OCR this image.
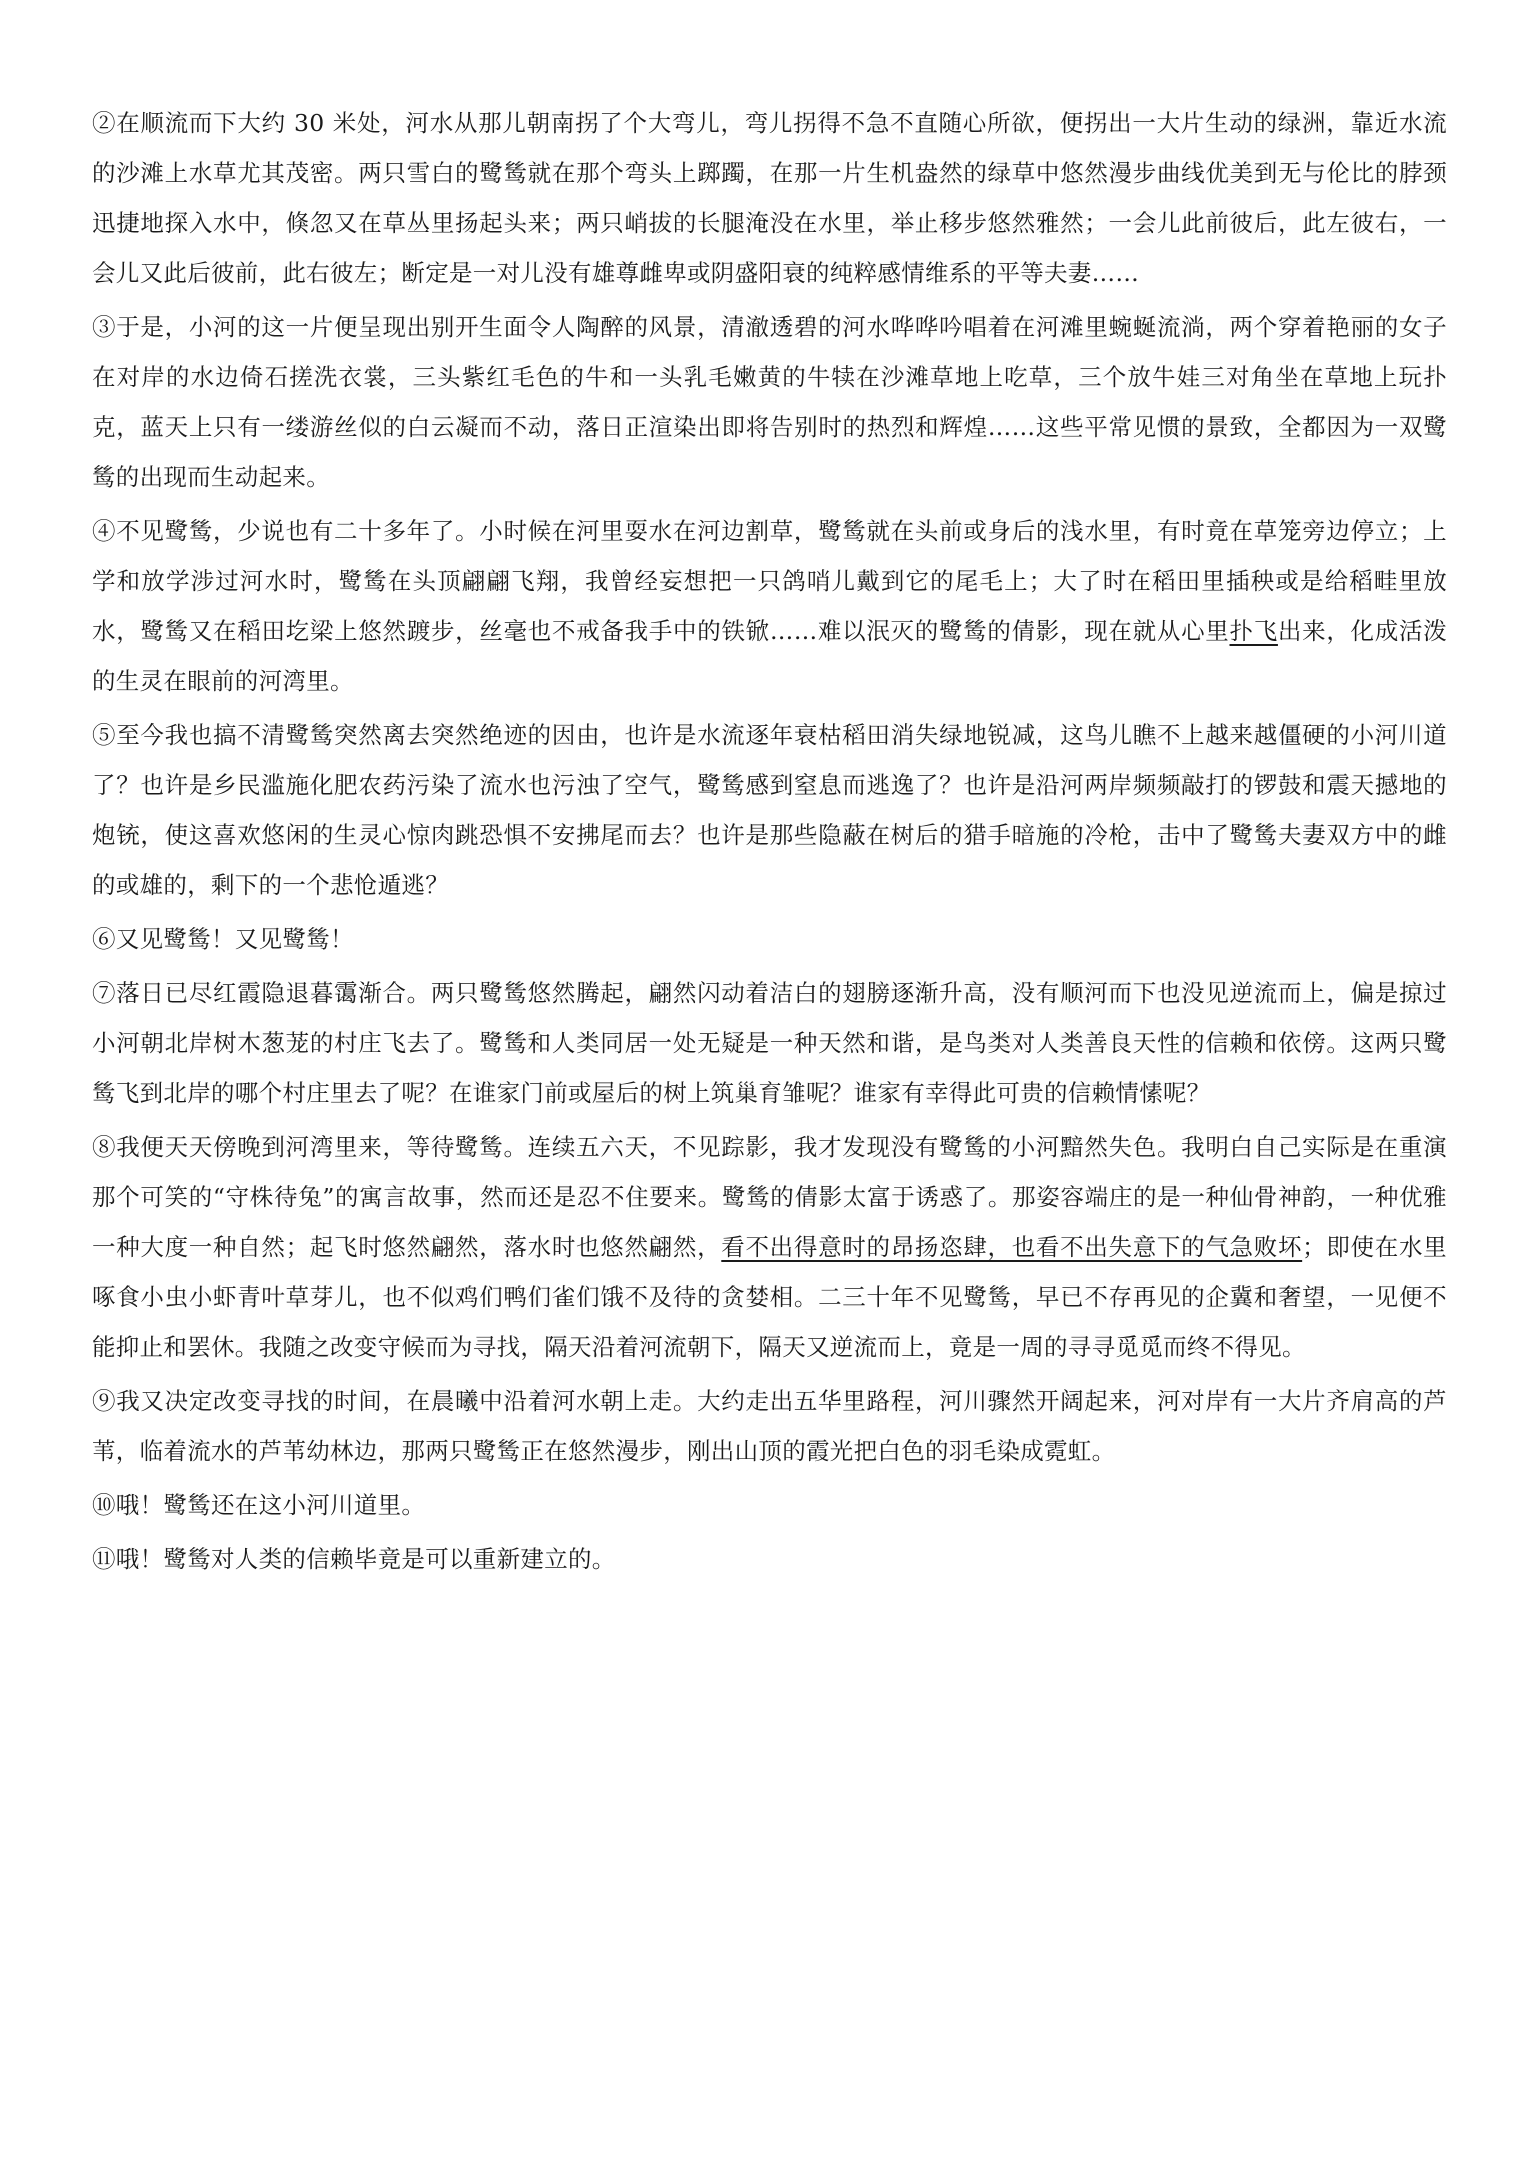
②在顺流而下大约 30 米处，河水从那儿朝南拐了个大弯儿，弯儿拐得不急不直随心所欲，便拐出一大片生动的绿洲，靠近水流的沙滩上水草尤其茂密。两只雪白的鹭鸶就在那个弯头上踯躅，在那一片生机盎然的绿草中悠然漫步曲线优美到无与伦比的脖颈迅捷地探入水中，倏忽又在草丛里扬起头来；两只峭拔的长腿淹没在水里，举止移步悠然雅然；一会儿此前彼后，此左彼右，一会儿又此后彼前，此右彼左；断定是一对儿没有雄尊雌卑或阴盛阳衰的纯粹感情维系的平等夫妻……

③于是，小河的这一片便呈现出别开生面令人陶醉的风景，清澈透碧的河水哗哗吟唱着在河滩里蜿蜒流淌，两个穿着艳丽的女子在对岸的水边倚石搓洗衣裳，三头紫红毛色的牛和一头乳毛嫩黄的牛犊在沙滩草地上吃草，三个放牛娃三对角坐在草地上玩扑克，蓝天上只有一缕游丝似的白云凝而不动，落日正渲染出即将告别时的热烈和辉煌……这些平常见惯的景致，全都因为一双鹭鸶的出现而生动起来。

④不见鹭鸶，少说也有二十多年了。小时候在河里耍水在河边割草，鹭鸶就在头前或身后的浅水里，有时竟在草笼旁边停立；上学和放学涉过河水时，鹭鸶在头顶翩翩飞翔，我曾经妄想把一只鸽哨儿戴到它的尾毛上；大了时在稻田里插秧或是给稻畦里放水，鹭鸶又在稻田圪梁上悠然踱步，丝毫也不戒备我手中的铁锨……难以泯灭的鹭鸶的倩影，现在就从心里扑飞出来，化成活泼的生灵在眼前的河湾里。

⑤至今我也搞不清鹭鸶突然离去突然绝迹的因由，也许是水流逐年衰枯稻田消失绿地锐减，这鸟儿瞧不上越来越僵硬的小河川道了？也许是乡民滥施化肥农药污染了流水也污浊了空气，鹭鸶感到窒息而逃逸了？也许是沿河两岸频频敲打的锣鼓和震天撼地的炮铳，使这喜欢悠闲的生灵心惊肉跳恐惧不安拂尾而去？也许是那些隐蔽在树后的猎手暗施的冷枪，击中了鹭鸶夫妻双方中的雌的或雄的，剩下的一个悲怆遁逃？

⑥又见鹭鸶！又见鹭鸶！

⑦落日已尽红霞隐退暮霭渐合。两只鹭鸶悠然腾起，翩然闪动着洁白的翅膀逐渐升高，没有顺河而下也没见逆流而上，偏是掠过小河朝北岸树木葱茏的村庄飞去了。鹭鸶和人类同居一处无疑是一种天然和谐，是鸟类对人类善良天性的信赖和依傍。这两只鹭鸶飞到北岸的哪个村庄里去了呢？在谁家门前或屋后的树上筑巢育雏呢？谁家有幸得此可贵的信赖情愫呢？

⑧我便天天傍晚到河湾里来，等待鹭鸶。连续五六天，不见踪影，我才发现没有鹭鸶的小河黯然失色。我明白自己实际是在重演那个可笑的“守株待兔”的寓言故事，然而还是忍不住要来。鹭鸶的倩影太富于诱惑了。那姿容端庄的是一种仙骨神韵，一种优雅一种大度一种自然；起飞时悠然翩然，落水时也悠然翩然，看不出得意时的昂扬恣肆，也看不出失意下的气急败坏；即使在水里啄食小虫小虾青叶草芽儿，也不似鸡们鸭们雀们饿不及待的贪婪相。二三十年不见鹭鸶，早已不存再见的企冀和奢望，一见便不能抑止和罢休。我随之改变守候而为寻找，隔天沿着河流朝下，隔天又逆流而上，竟是一周的寻寻觅觅而终不得见。

⑨我又决定改变寻找的时间，在晨曦中沿着河水朝上走。大约走出五华里路程，河川骤然开阔起来，河对岸有一大片齐肩高的芦苇，临着流水的芦苇幼林边，那两只鹭鸶正在悠然漫步，刚出山顶的霞光把白色的羽毛染成霓虹。

⑩哦！鹭鸶还在这小河川道里。

⑪哦！鹭鸶对人类的信赖毕竟是可以重新建立的。
